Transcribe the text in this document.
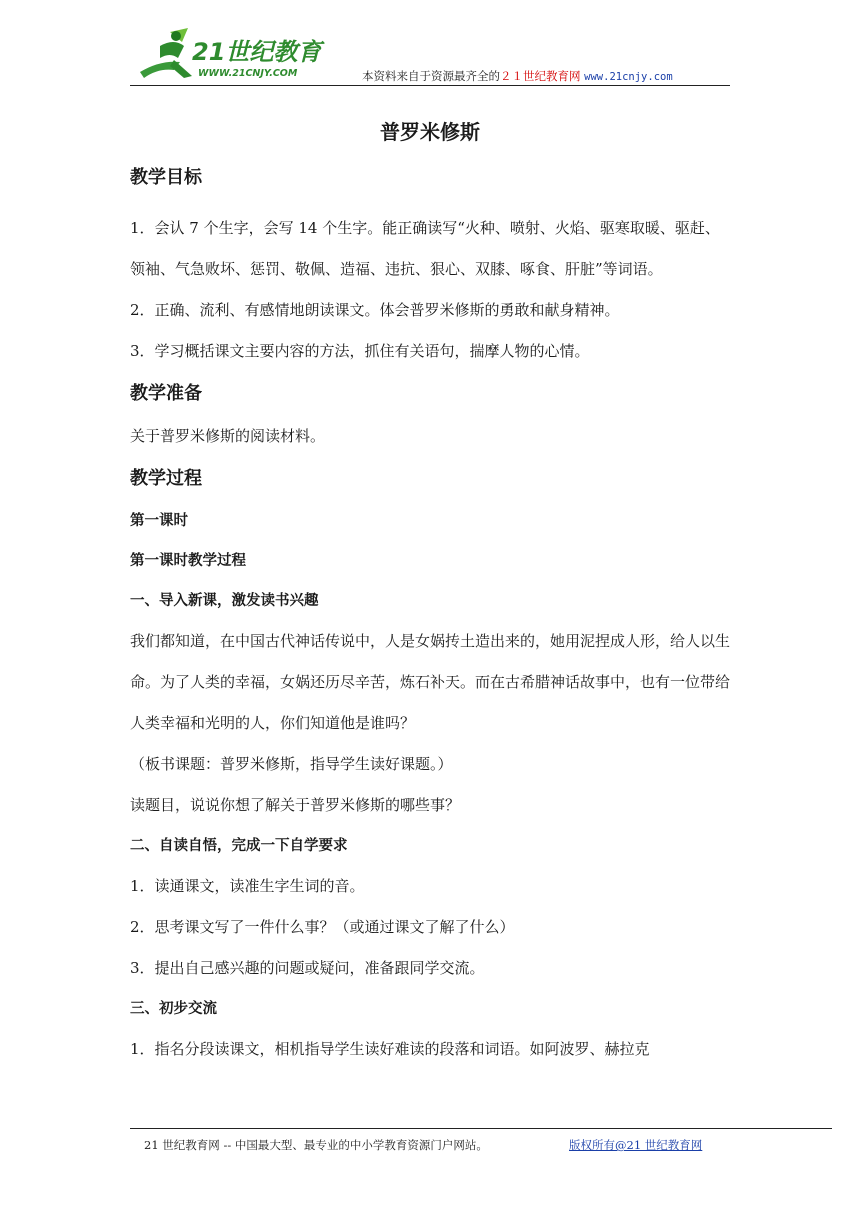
21世纪教育
WWW.21CNJY.COM	本资料来自于资源最齐全的２１世纪教育网 www.21cnjy.com
普罗米修斯
教学目标
1．会认 7 个生字，会写 14 个生字。能正确读写“火种、喷射、火焰、驱寒取暖、驱赶、领袖、气急败坏、惩罚、敬佩、造福、违抗、狠心、双膝、啄食、肝脏”等词语。
2．正确、流利、有感情地朗读课文。体会普罗米修斯的勇敢和献身精神。
3．学习概括课文主要内容的方法，抓住有关语句，揣摩人物的心情。
教学准备
关于普罗米修斯的阅读材料。
教学过程
第一课时
第一课时教学过程
一、导入新课，激发读书兴趣
我们都知道，在中国古代神话传说中，人是女娲抟土造出来的，她用泥捏成人形，给人以生命。为了人类的幸福，女娲还历尽辛苦，炼石补天。而在古希腊神话故事中，也有一位带给人类幸福和光明的人，你们知道他是谁吗？
（板书课题：普罗米修斯，指导学生读好课题。）
读题目，说说你想了解关于普罗米修斯的哪些事？
二、自读自悟，完成一下自学要求
1．读通课文，读准生字生词的音。
2．思考课文写了一件什么事？（或通过课文了解了什么）
3．提出自己感兴趣的问题或疑问，准备跟同学交流。
三、初步交流
1．指名分段读课文，相机指导学生读好难读的段落和词语。如阿波罗、赫拉克
21 世纪教育网 -- 中国最大型、最专业的中小学教育资源门户网站。	版权所有@21 世纪教育网
